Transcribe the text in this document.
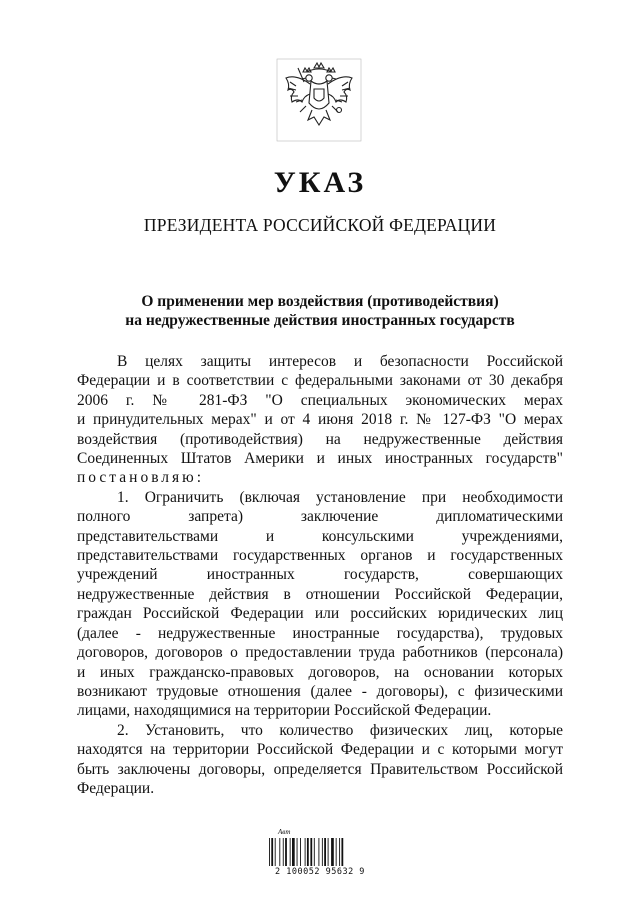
УКАЗ
ПРЕЗИДЕНТА РОССИЙСКОЙ ФЕДЕРАЦИИ
О применении мер воздействия (противодействия)
на недружественные действия иностранных государств

В целях защиты интересов и безопасности Российской
Федерации и в соответствии с федеральными законами от 30 декабря
2006 г. № 281-ФЗ "О специальных экономических мерах
и принудительных мерах" и от 4 июня 2018 г. № 127-ФЗ "О мерах
воздействия (противодействия) на недружественные действия
Соединенных Штатов Америки и иных иностранных государств"
постановляю:

1. Ограничить (включая установление при необходимости
полного запрета) заключение дипломатическими
представительствами и консульскими учреждениями,
представительствами государственных органов и государственных
учреждений иностранных государств, совершающих
недружественные действия в отношении Российской Федерации,
граждан Российской Федерации или российских юридических лиц
(далее - недружественные иностранные государства), трудовых
договоров, договоров о предоставлении труда работников (персонала)
и иных гражданско-правовых договоров, на основании которых
возникают трудовые отношения (далее - договоры), с физическими
лицами, находящимися на территории Российской Федерации.

2. Установить, что количество физических лиц, которые
находятся на территории Российской Федерации и с которыми могут
быть заключены договоры, определяется Правительством Российской
Федерации.

Авт
2 100052 95632 9
